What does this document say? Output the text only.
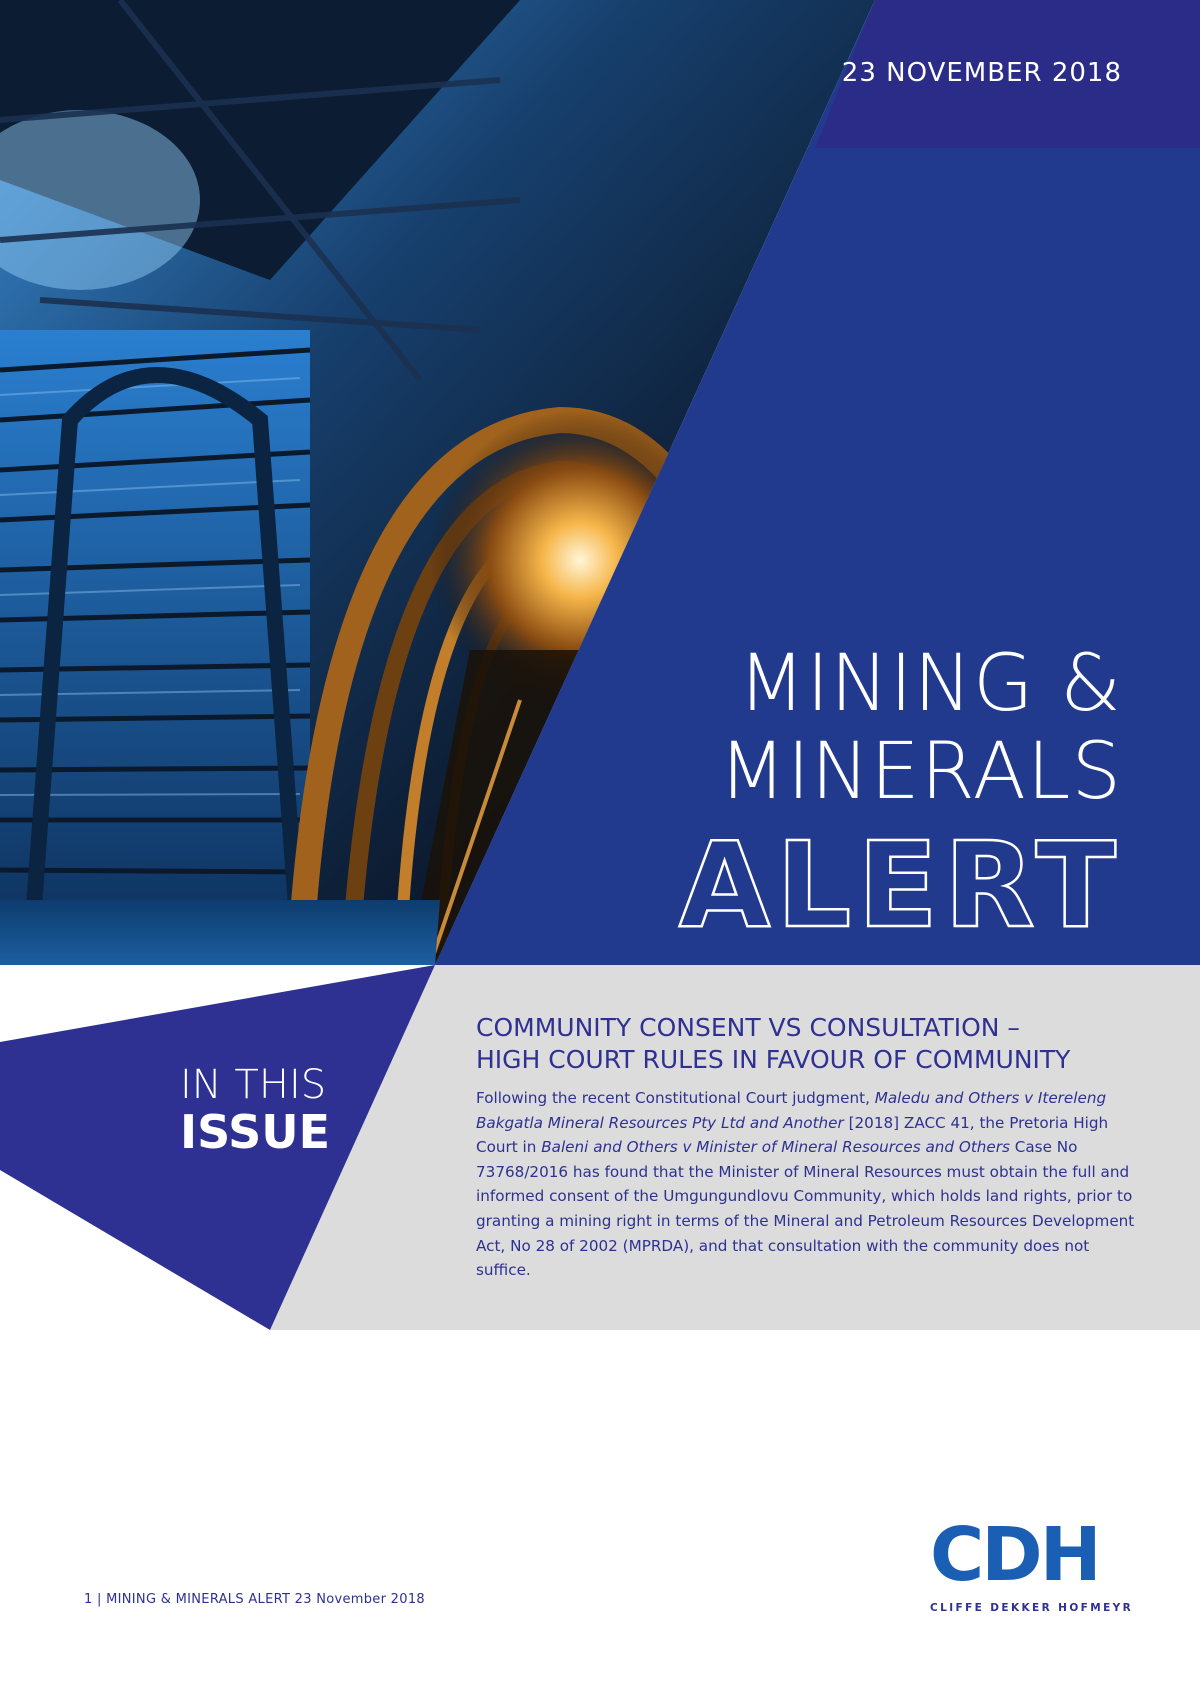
23 NOVEMBER 2018
MINING &
MINERALS
ALERT
IN THIS
ISSUE
COMMUNITY CONSENT VS CONSULTATION –
HIGH COURT RULES IN FAVOUR OF COMMUNITY

Following the recent Constitutional Court judgment, Maledu and Others v Itereleng Bakgatla Mineral Resources Pty Ltd and Another [2018] ZACC 41, the Pretoria High Court in Baleni and Others v Minister of Mineral Resources and Others Case No 73768/2016 has found that the Minister of Mineral Resources must obtain the full and informed consent of the Umgungundlovu Community, which holds land rights, prior to granting a mining right in terms of the Mineral and Petroleum Resources Development Act, No 28 of 2002 (MPRDA), and that consultation with the community does not suffice.

1 | MINING & MINERALS ALERT 23 November 2018
CDH
CLIFFE DEKKER HOFMEYR
